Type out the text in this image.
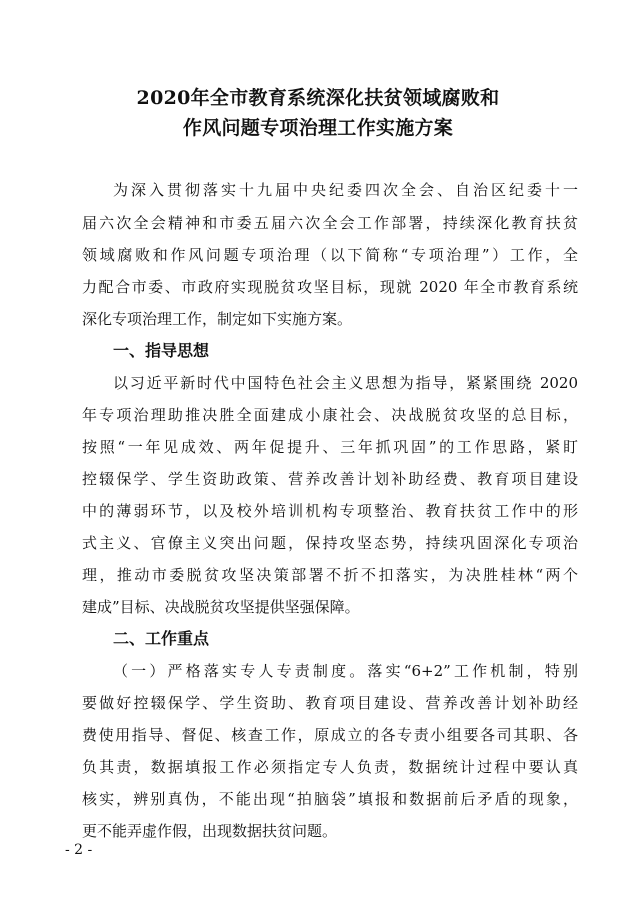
2020年全市教育系统深化扶贫领域腐败和
作风问题专项治理工作实施方案
为深入贯彻落实十九届中央纪委四次全会、自治区纪委十一
届六次全会精神和市委五届六次全会工作部署，持续深化教育扶贫
领域腐败和作风问题专项治理（以下简称“专项治理”）工作，全
力配合市委、市政府实现脱贫攻坚目标，现就 2020 年全市教育系统
深化专项治理工作，制定如下实施方案。
一、指导思想
以习近平新时代中国特色社会主义思想为指导，紧紧围绕 2020
年专项治理助推决胜全面建成小康社会、决战脱贫攻坚的总目标，
按照“一年见成效、两年促提升、三年抓巩固”的工作思路，紧盯
控辍保学、学生资助政策、营养改善计划补助经费、教育项目建设
中的薄弱环节，以及校外培训机构专项整治、教育扶贫工作中的形
式主义、官僚主义突出问题，保持攻坚态势，持续巩固深化专项治
理，推动市委脱贫攻坚决策部署不折不扣落实，为决胜桂林“两个
建成”目标、决战脱贫攻坚提供坚强保障。
二、工作重点
（一）严格落实专人专责制度。落实“6+2”工作机制，特别
要做好控辍保学、学生资助、教育项目建设、营养改善计划补助经
费使用指导、督促、核查工作，原成立的各专责小组要各司其职、各
负其责，数据填报工作必须指定专人负责，数据统计过程中要认真
核实，辨别真伪，不能出现“拍脑袋”填报和数据前后矛盾的现象，
更不能弄虚作假，出现数据扶贫问题。
- 2 -
